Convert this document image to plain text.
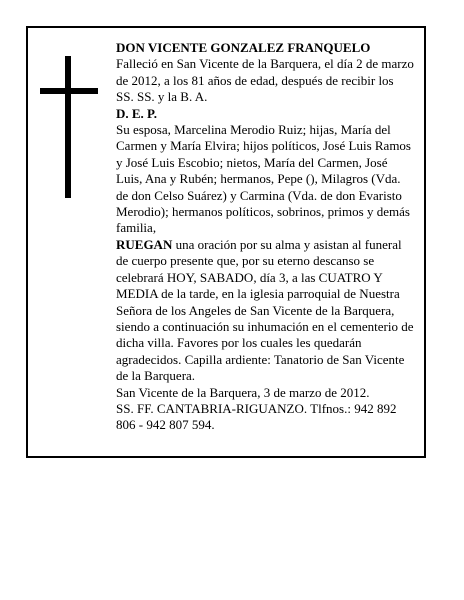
DON VICENTE GONZALEZ FRANQUELO

Falleció en San Vicente de la Barquera, el día 2 de marzo de 2012, a los 81 años de edad, después de recibir los SS. SS. y la B. A.

D. E. P.

Su esposa, Marcelina Merodio Ruiz; hijas, María del Carmen y María Elvira; hijos políticos, José Luis Ramos y José Luis Escobio; nietos, María del Carmen, José Luis, Ana y Rubén; hermanos, Pepe (), Milagros (Vda. de don Celso Suárez) y Carmina (Vda. de don Evaristo Merodio); hermanos políticos, sobrinos, primos y demás familia,

RUEGAN una oración por su alma y asistan al funeral de cuerpo presente que, por su eterno descanso se celebrará HOY, SABADO, día 3, a las CUATRO Y MEDIA de la tarde, en la iglesia parroquial de Nuestra Señora de los Angeles de San Vicente de la Barquera, siendo a continuación su inhumación en el cementerio de dicha villa. Favores por los cuales les quedarán agradecidos. Capilla ardiente: Tanatorio de San Vicente de la Barquera.

San Vicente de la Barquera, 3 de marzo de 2012.

SS. FF. CANTABRIA-RIGUANZO. Tlfnos.: 942 892 806 - 942 807 594.
